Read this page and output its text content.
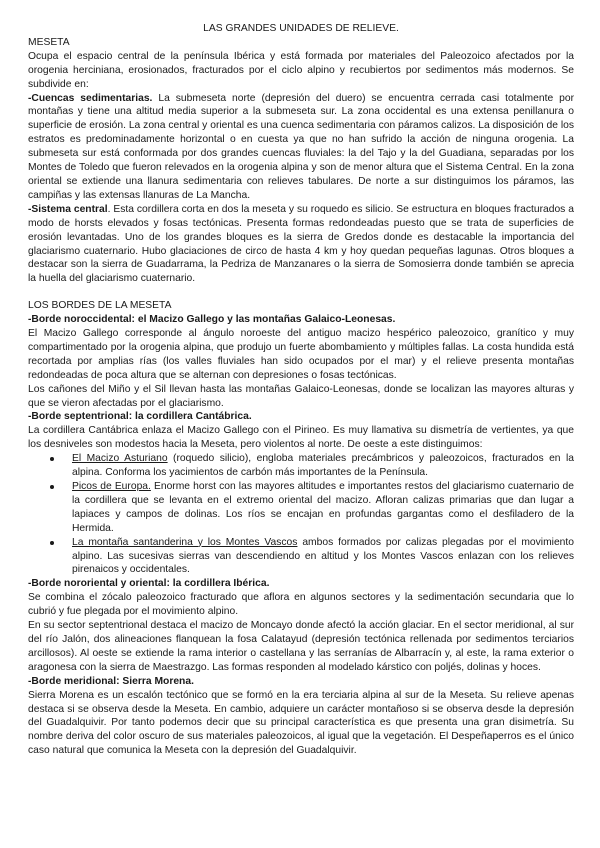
LAS GRANDES UNIDADES DE RELIEVE.

MESETA

Ocupa el espacio central de la península Ibérica y está formada por materiales del Paleozoico afectados por la orogenia herciniana, erosionados, fracturados por el ciclo alpino y recubiertos por sedimentos más modernos. Se subdivide en:

-Cuencas sedimentarias. La submeseta norte (depresión del duero) se encuentra cerrada casi totalmente por montañas y tiene una altitud media superior a la submeseta sur. La zona occidental es una extensa penillanura o superficie de erosión. La zona central y oriental es una cuenca sedimentaria con páramos calizos. La disposición de los estratos es predominadamente horizontal o en cuesta ya que no han sufrido la acción de ninguna orogenia. La submeseta sur está conformada por dos grandes cuencas fluviales: la del Tajo y la del Guadiana, separadas por los Montes de Toledo que fueron relevados en la orogenia alpina y son de menor altura que el Sistema Central. En la zona oriental se extiende una llanura sedimentaria con relieves tabulares. De norte a sur distinguimos los páramos, las campiñas y las extensas llanuras de La Mancha.

-Sistema central. Esta cordillera corta en dos la meseta y su roquedo es silicio. Se estructura en bloques fracturados a modo de horsts elevados y fosas tectónicas. Presenta formas redondeadas puesto que se trata de superficies de erosión levantadas. Uno de los grandes bloques es la sierra de Gredos donde es destacable la importancia del glaciarismo cuaternario. Hubo glaciaciones de circo de hasta 4 km y hoy quedan pequeñas lagunas. Otros bloques a destacar son la sierra de Guadarrama, la Pedriza de Manzanares o la sierra de Somosierra donde también se aprecia la huella del glaciarismo cuaternario.

LOS BORDES DE LA MESETA

-Borde noroccidental: el Macizo Gallego y las montañas Galaico-Leonesas.

El Macizo Gallego corresponde al ángulo noroeste del antiguo macizo hespérico paleozoico, granítico y muy compartimentado por la orogenia alpina, que produjo un fuerte abombamiento y múltiples fallas. La costa hundida está recortada por amplias rías (los valles fluviales han sido ocupados por el mar) y el relieve presenta montañas redondeadas de poca altura que se alternan con depresiones o fosas tectónicas.

Los cañones del Miño y el Sil llevan hasta las montañas Galaico-Leonesas, donde se localizan las mayores alturas y que se vieron afectadas por el glaciarismo.

-Borde septentrional: la cordillera Cantábrica.

La cordillera Cantábrica enlaza el Macizo Gallego con el Pirineo. Es muy llamativa su dismetría de vertientes, ya que los desniveles son modestos hacia la Meseta, pero violentos al norte. De oeste a este distinguimos:

El Macizo Asturiano (roquedo silicio), engloba materiales precámbricos y paleozoicos, fracturados en la alpina. Conforma los yacimientos de carbón más importantes de la Península.
Picos de Europa. Enorme horst con las mayores altitudes e importantes restos del glaciarismo cuaternario de la cordillera que se levanta en el extremo oriental del macizo. Afloran calizas primarias que dan lugar a lapiaces y campos de dolinas. Los ríos se encajan en profundas gargantas como el desfiladero de la Hermida.
La montaña santanderina y los Montes Vascos ambos formados por calizas plegadas por el movimiento alpino. Las sucesivas sierras van descendiendo en altitud y los Montes Vascos enlazan con los relieves pirenaicos y occidentales.

-Borde nororiental y oriental: la cordillera Ibérica.

Se combina el zócalo paleozoico fracturado que aflora en algunos sectores y la sedimentación secundaria que lo cubrió y fue plegada por el movimiento alpino.

En su sector septentrional destaca el macizo de Moncayo donde afectó la acción glaciar. En el sector meridional, al sur del río Jalón, dos alineaciones flanquean la fosa Calatayud (depresión tectónica rellenada por sedimentos terciarios arcillosos). Al oeste se extiende la rama interior o castellana y las serranías de Albarracín y, al este, la rama exterior o aragonesa con la sierra de Maestrazgo. Las formas responden al modelado kárstico con poljés, dolinas y hoces.

-Borde meridional: Sierra Morena.

Sierra Morena es un escalón tectónico que se formó en la era terciaria alpina al sur de la Meseta. Su relieve apenas destaca si se observa desde la Meseta. En cambio, adquiere un carácter montañoso si se observa desde la depresión del Guadalquivir. Por tanto podemos decir que su principal característica es que presenta una gran disimetría. Su nombre deriva del color oscuro de sus materiales paleozoicos, al igual que la vegetación. El Despeñaperros es el único caso natural que comunica la Meseta con la depresión del Guadalquivir.
